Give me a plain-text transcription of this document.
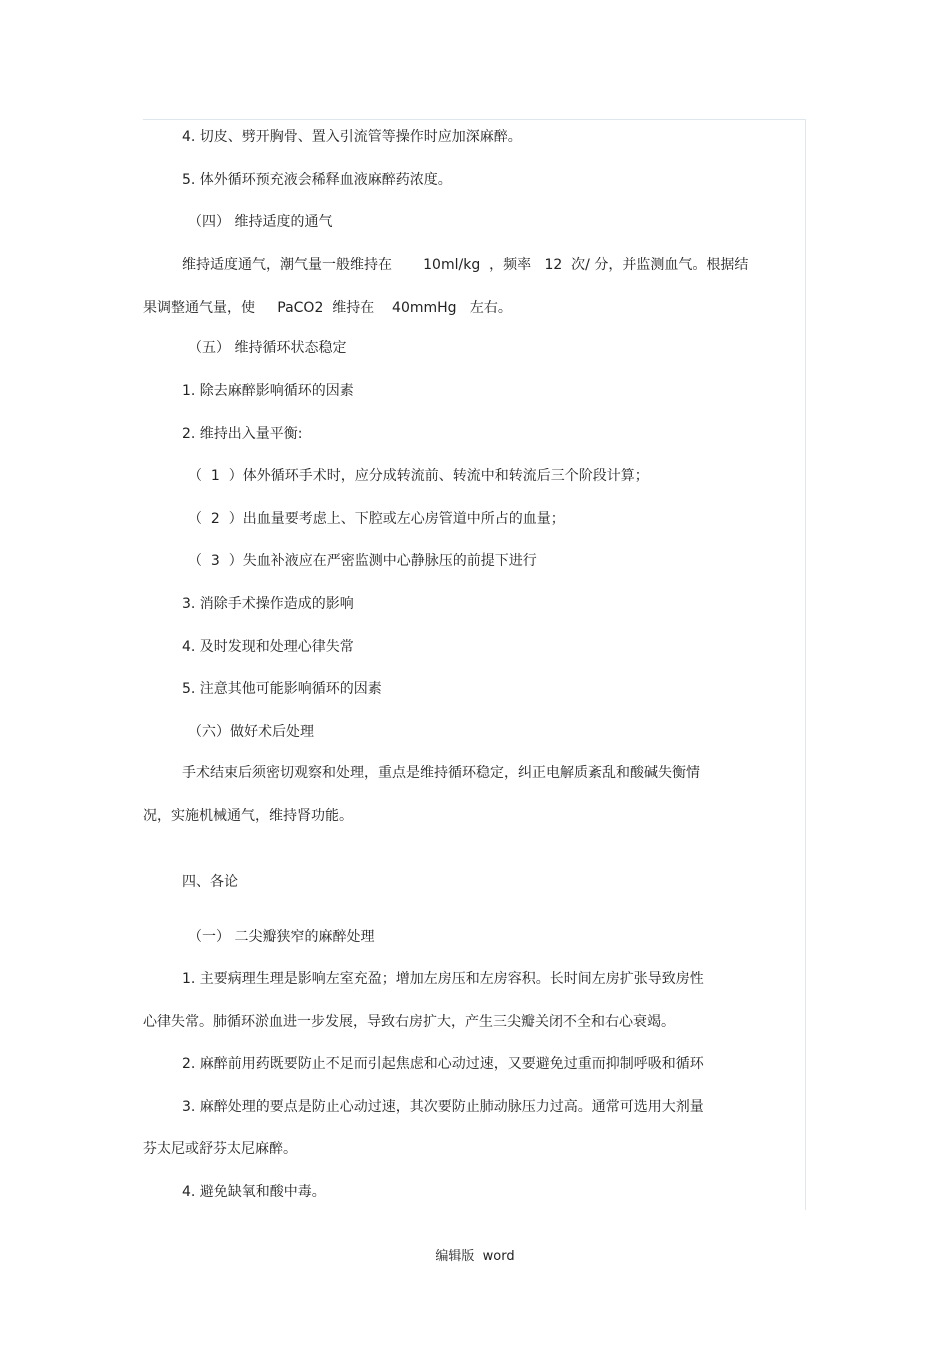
4. 切皮、劈开胸骨、置入引流管等操作时应加深麻醉。
5. 体外循环预充液会稀释血液麻醉药浓度。
（四） 维持适度的通气
维持适度通气，潮气量一般维持在       10ml/kg  ，频率   12  次/ 分，并监测血气。根据结
果调整通气量，使     PaCO2  维持在    40mmHg   左右。
（五） 维持循环状态稳定
1. 除去麻醉影响循环的因素
2. 维持出入量平衡:
（  1  ）体外循环手术时，应分成转流前、转流中和转流后三个阶段计算；
（  2  ）出血量要考虑上、下腔或左心房管道中所占的血量；
（  3  ）失血补液应在严密监测中心静脉压的前提下进行
3. 消除手术操作造成的影响
4. 及时发现和处理心律失常
5. 注意其他可能影响循环的因素
（六）做好术后处理
手术结束后须密切观察和处理，重点是维持循环稳定，纠正电解质紊乱和酸碱失衡情
况，实施机械通气，维持肾功能。
四、各论
（一） 二尖瓣狭窄的麻醉处理
1. 主要病理生理是影响左室充盈；增加左房压和左房容积。长时间左房扩张导致房性
心律失常。肺循环淤血进一步发展，导致右房扩大，产生三尖瓣关闭不全和右心衰竭。
2. 麻醉前用药既要防止不足而引起焦虑和心动过速，又要避免过重而抑制呼吸和循环
3. 麻醉处理的要点是防止心动过速，其次要防止肺动脉压力过高。通常可选用大剂量
芬太尼或舒芬太尼麻醉。
4. 避免缺氧和酸中毒。
编辑版  word
